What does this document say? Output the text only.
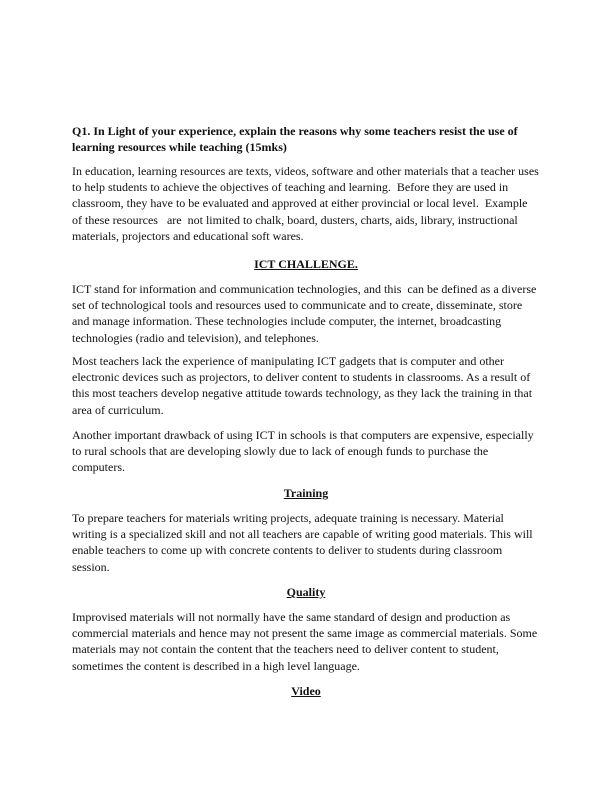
Q1. In Light of your experience, explain the reasons why some teachers resist the use of
learning resources while teaching (15mks)
In education, learning resources are texts, videos, software and other materials that a teacher uses
to help students to achieve the objectives of teaching and learning.  Before they are used in
classroom, they have to be evaluated and approved at either provincial or local level.  Example
of these resources   are  not limited to chalk, board, dusters, charts, aids, library, instructional
materials, projectors and educational soft wares.
ICT CHALLENGE.
ICT stand for information and communication technologies, and this  can be defined as a diverse
set of technological tools and resources used to communicate and to create, disseminate, store
and manage information. These technologies include computer, the internet, broadcasting
technologies (radio and television), and telephones.
Most teachers lack the experience of manipulating ICT gadgets that is computer and other
electronic devices such as projectors, to deliver content to students in classrooms. As a result of
this most teachers develop negative attitude towards technology, as they lack the training in that
area of curriculum.
Another important drawback of using ICT in schools is that computers are expensive, especially
to rural schools that are developing slowly due to lack of enough funds to purchase the
computers.
Training
To prepare teachers for materials writing projects, adequate training is necessary. Material
writing is a specialized skill and not all teachers are capable of writing good materials. This will
enable teachers to come up with concrete contents to deliver to students during classroom
session.
Quality
Improvised materials will not normally have the same standard of design and production as
commercial materials and hence may not present the same image as commercial materials. Some
materials may not contain the content that the teachers need to deliver content to student,
sometimes the content is described in a high level language.
Video
